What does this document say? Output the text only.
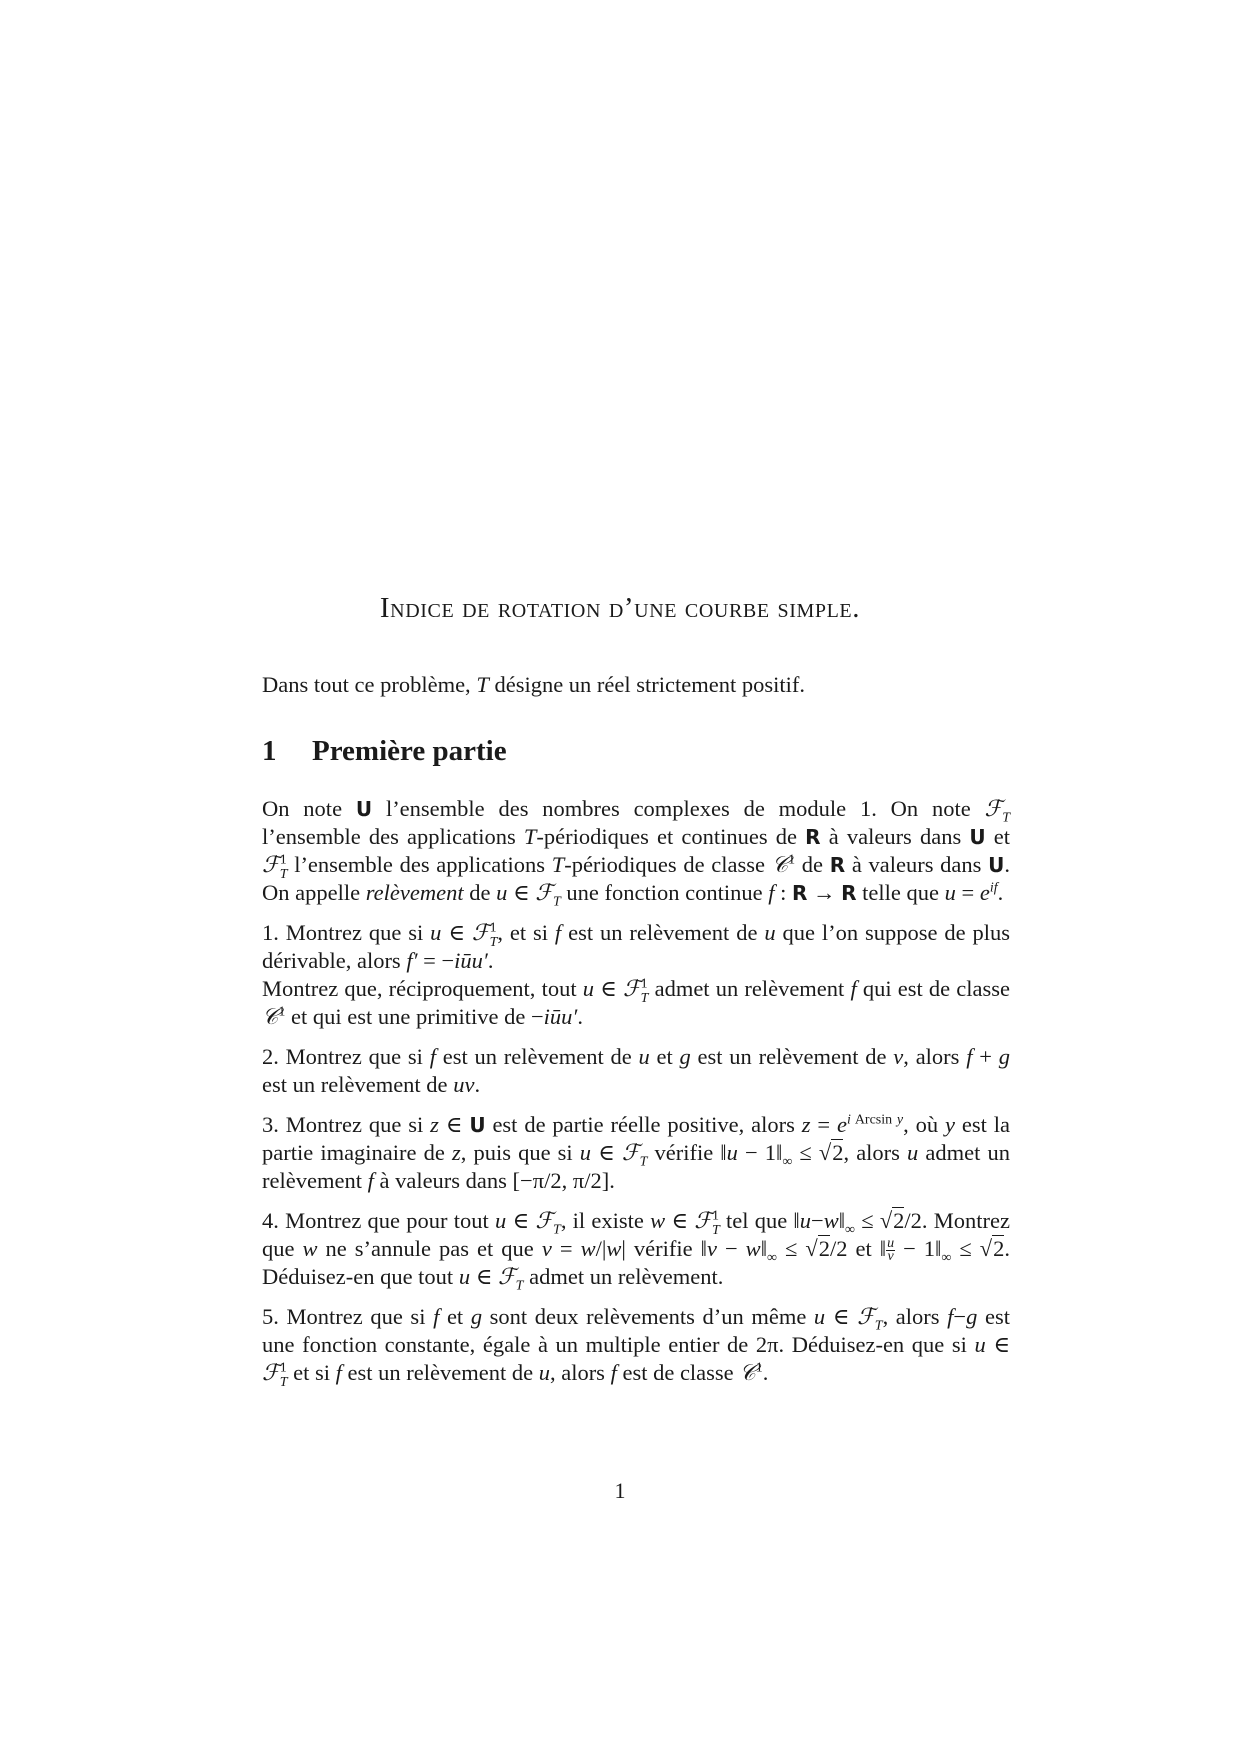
Indice de rotation d’une courbe simple.
Dans tout ce problème, T désigne un réel strictement positif.
1 Première partie

On note U l’ensemble des nombres complexes de module 1. On note ℱ$_T$ l’ensemble des applications T-périodiques et continues de R à valeurs dans U et ℱ$^1_T$ l’ensemble des applications T-périodiques de classe 𝒞$^1$ de R à valeurs dans U. On appelle relèvement de u ∈ ℱ$_T$ une fonction continue f : R → R telle que $u = e^{if}$.

1. Montrez que si u ∈ ℱ$^1_T$, et si f est un relèvement de u que l’on suppose de plus dérivable, alors f′ = −iūu′.
Montrez que, réciproquement, tout u ∈ ℱ$^1_T$ admet un relèvement f qui est de classe 𝒞$^1$ et qui est une primitive de −iūu′.

2. Montrez que si f est un relèvement de u et g est un relèvement de v, alors f + g est un relèvement de uv.

3. Montrez que si z ∈ U est de partie réelle positive, alors $z = e^{i Arcsin y}$, où y est la partie imaginaire de z, puis que si u ∈ ℱ$_T$ vérifie ‖u − $1‖_\infty \le √2$, alors u admet un relèvement f à valeurs dans [−π/2, π/2].

4. Montrez que pour tout u ∈ ℱ$_T$, il existe w ∈ ℱ$^1_T$ tel que $‖u-w‖_\infty \le √2/2$. Montrez que w ne s’annule pas et que v = w/|w| vérifie ‖v − $w‖_\infty \le √2/2$ et ‖ $\frac{u}{v}$ − $1‖_\infty \le √2$. Déduisez-en que tout u ∈ ℱ$_T$ admet un relèvement.

5. Montrez que si f et g sont deux relèvements d’un même u ∈ ℱ$_T$, alors f−g est une fonction constante, égale à un multiple entier de 2π. Déduisez-en que si u ∈ ℱ$^1_T$ et si f est un relèvement de u, alors f est de classe 𝒞$^1$.

1
